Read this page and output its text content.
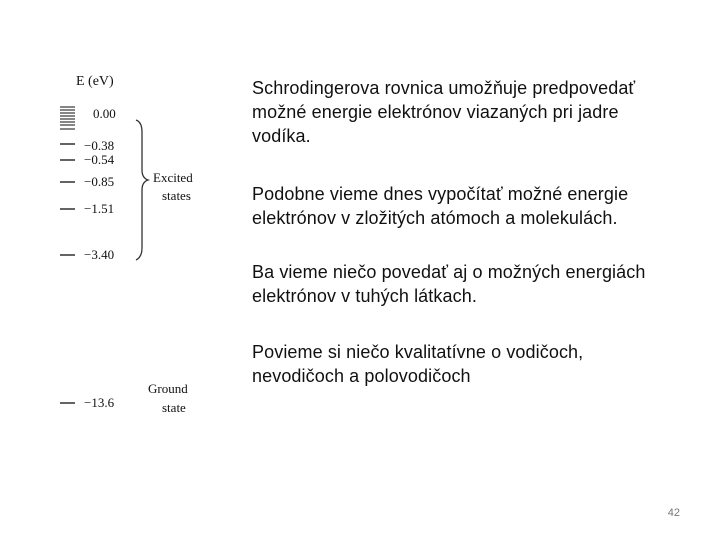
E (eV)
0.00
−0.38
−0.54
−0.85
−1.51
−3.40
−13.6
Excited
states
Ground
state

Schrodingerova rovnica umožňuje predpovedať
možné energie elektrónov viazaných pri jadre
vodíka.

Podobne vieme dnes vypočítať možné energie
elektrónov v zložitých atómoch a molekulách.

Ba vieme niečo povedať aj o možných energiách
elektrónov v tuhých látkach.

Povieme si niečo kvalitatívne o vodičoch,
nevodičoch a polovodičoch

42
